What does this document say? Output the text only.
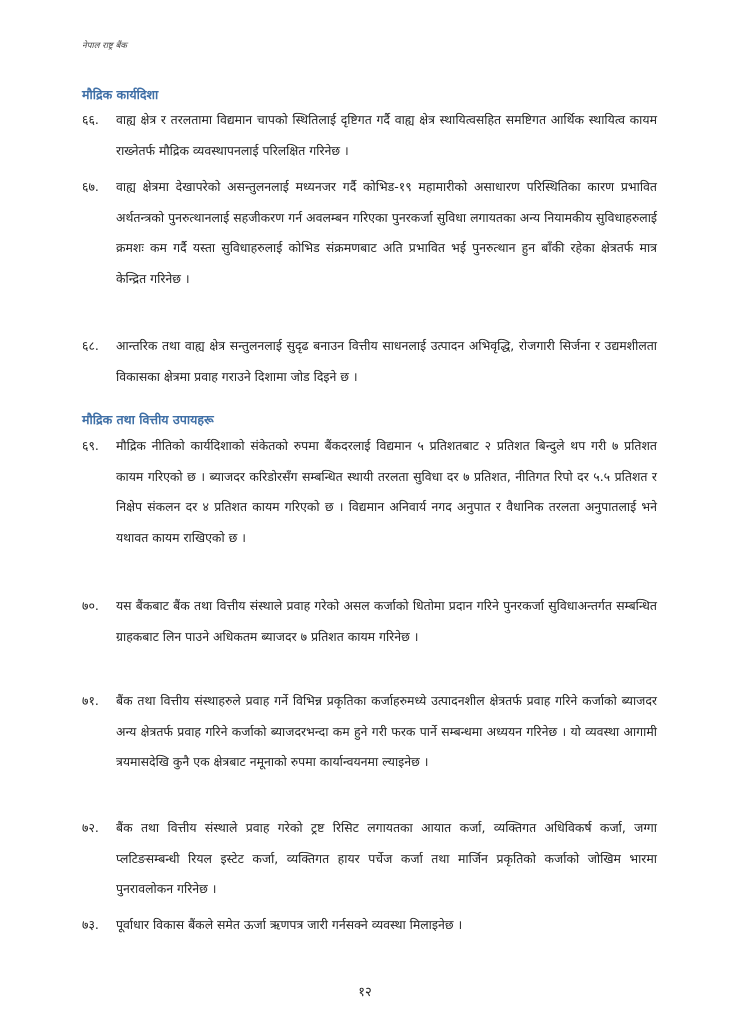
नेपाल राष्ट्र बैंक
मौद्रिक कार्यदिशा
६६.	वाह्य क्षेत्र र तरलतामा विद्यमान चापको स्थितिलाई दृष्टिगत गर्दै वाह्य क्षेत्र स्थायित्वसहित समष्टिगत आर्थिक स्थायित्व कायम राख्नेतर्फ मौद्रिक व्यवस्थापनलाई परिलक्षित गरिनेछ ।
६७.	वाह्य क्षेत्रमा देखापरेको असन्तुलनलाई मध्यनजर गर्दै कोभिड-१९ महामारीको असाधारण परिस्थितिका कारण प्रभावित अर्थतन्त्रको पुनरुत्थानलाई सहजीकरण गर्न अवलम्बन गरिएका पुनरकर्जा सुविधा लगायतका अन्य नियामकीय सुविधाहरुलाई क्रमशः कम गर्दै यस्ता सुविधाहरुलाई कोभिड संक्रमणबाट अति प्रभावित भई पुनरुत्थान हुन बाँकी रहेका क्षेत्रतर्फ मात्र केन्द्रित गरिनेछ ।
६८.	आन्तरिक तथा वाह्य क्षेत्र सन्तुलनलाई सुदृढ बनाउन वित्तीय साधनलाई उत्पादन अभिवृद्धि, रोजगारी सिर्जना र उद्यमशीलता विकासका क्षेत्रमा प्रवाह गराउने दिशामा जोड दिइने छ ।
मौद्रिक तथा वित्तीय उपायहरू
६९.	मौद्रिक नीतिको कार्यदिशाको संकेतको रुपमा बैंकदरलाई विद्यमान ५ प्रतिशतबाट २ प्रतिशत बिन्दुले थप गरी ७ प्रतिशत कायम गरिएको छ । ब्याजदर करिडोरसँग सम्बन्धित स्थायी तरलता सुविधा दर ७ प्रतिशत, नीतिगत रिपो दर ५.५ प्रतिशत र निक्षेप संकलन दर ४ प्रतिशत कायम गरिएको छ । विद्यमान अनिवार्य नगद अनुपात र वैधानिक तरलता अनुपातलाई भने यथावत कायम राखिएको छ ।
७०.	यस बैंकबाट बैंक तथा वित्तीय संस्थाले प्रवाह गरेको असल कर्जाको धितोमा प्रदान गरिने पुनरकर्जा सुविधाअन्तर्गत सम्बन्धित ग्राहकबाट लिन पाउने अधिकतम ब्याजदर ७ प्रतिशत कायम गरिनेछ ।
७१.	बैंक तथा वित्तीय संस्थाहरुले प्रवाह गर्ने विभिन्न प्रकृतिका कर्जाहरुमध्ये उत्पादनशील क्षेत्रतर्फ प्रवाह गरिने कर्जाको ब्याजदर अन्य क्षेत्रतर्फ प्रवाह गरिने कर्जाको ब्याजदरभन्दा कम हुने गरी फरक पार्ने सम्बन्धमा अध्ययन गरिनेछ । यो व्यवस्था आगामी त्रयमासदेखि कुनै एक क्षेत्रबाट नमूनाको रुपमा कार्यान्वयनमा ल्याइनेछ ।
७२.	बैंक तथा वित्तीय संस्थाले प्रवाह गरेको ट्रष्ट रिसिट लगायतका आयात कर्जा, व्यक्तिगत अधिविकर्ष कर्जा, जग्गा प्लटिङसम्बन्धी रियल इस्टेट कर्जा, व्यक्तिगत हायर पर्चेज कर्जा तथा मार्जिन प्रकृतिको कर्जाको जोखिम भारमा पुनरावलोकन गरिनेछ ।
७३.	पूर्वाधार विकास बैंकले समेत ऊर्जा ऋणपत्र जारी गर्नसक्ने व्यवस्था मिलाइनेछ ।
१२
